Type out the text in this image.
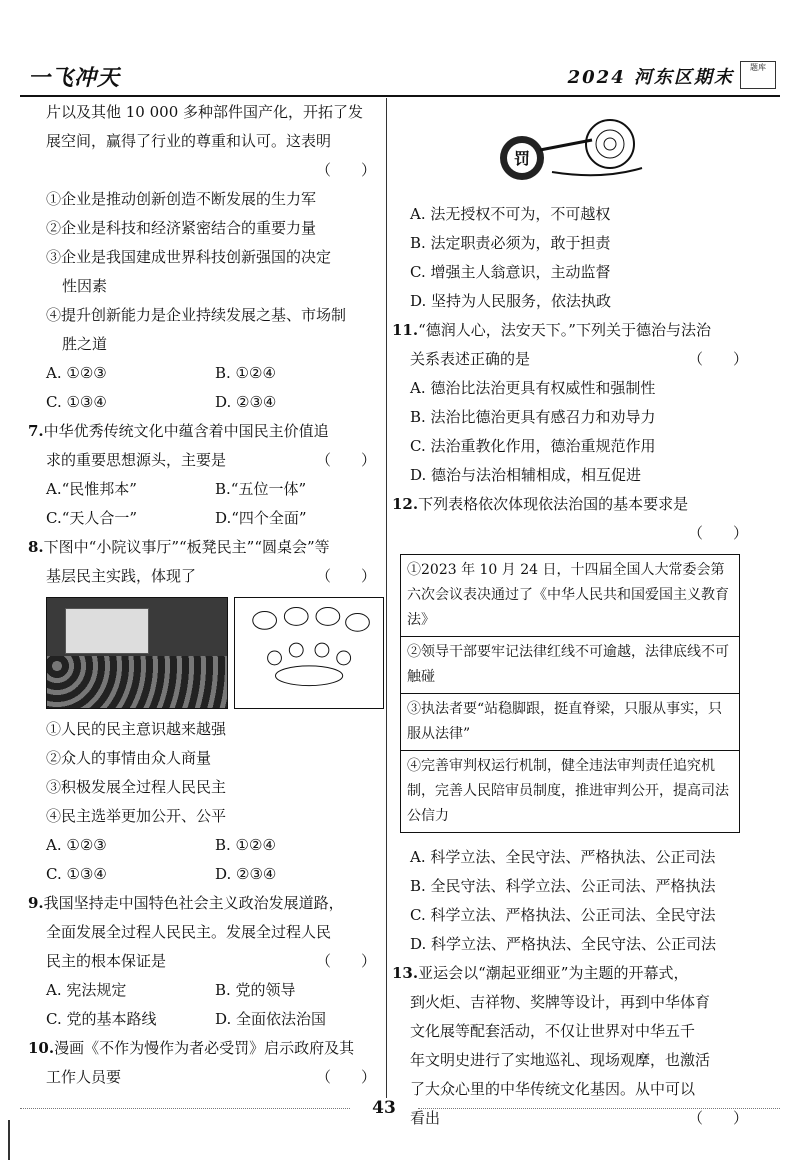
一飞冲天	2024 河东区期末	题库

片以及其他 10 000 多种部件国产化，开拓了发

展空间，赢得了行业的尊重和认可。这表明

（　　）

①企业是推动创新创造不断发展的生力军

②企业是科技和经济紧密结合的重要力量

③企业是我国建成世界科技创新强国的决定

性因素

④提升创新能力是企业持续发展之基、市场制

胜之道

A. ①②③	B. ①②④

C. ①③④	D. ②③④

7.中华优秀传统文化中蕴含着中国民主价值追

求的重要思想源头，主要是	（　　）

A.“民惟邦本”	B.“五位一体”

C.“天人合一”	D.“四个全面”

8.下图中“小院议事厅”“板凳民主”“圆桌会”等

基层民主实践，体现了	（　　）

①人民的民主意识越来越强

②众人的事情由众人商量

③积极发展全过程人民民主

④民主选举更加公开、公平

A. ①②③	B. ①②④

C. ①③④	D. ②③④

9.我国坚持走中国特色社会主义政治发展道路，

全面发展全过程人民民主。发展全过程人民

民主的根本保证是	（　　）

A. 宪法规定	B. 党的领导

C. 党的基本路线	D. 全面依法治国

10.漫画《不作为慢作为者必受罚》启示政府及其

工作人员要	（　　）

罚

A. 法无授权不可为，不可越权

B. 法定职责必须为，敢于担责

C. 增强主人翁意识，主动监督

D. 坚持为人民服务，依法执政

11.“德润人心，法安天下。”下列关于德治与法治

关系表述正确的是	（　　）

A. 德治比法治更具有权威性和强制性

B. 法治比德治更具有感召力和劝导力

C. 法治重教化作用，德治重规范作用

D. 德治与法治相辅相成，相互促进

12.下列表格依次体现依法治国的基本要求是

（　　）

①2023 年 10 月 24 日，十四届全国人大常委会第六次会议表决通过了《中华人民共和国爱国主义教育法》
②领导干部要牢记法律红线不可逾越，法律底线不可触碰
③执法者要“站稳脚跟，挺直脊梁，只服从事实，只服从法律”
④完善审判权运行机制，健全违法审判责任追究机制，完善人民陪审员制度，推进审判公开，提高司法公信力

A. 科学立法、全民守法、严格执法、公正司法

B. 全民守法、科学立法、公正司法、严格执法

C. 科学立法、严格执法、公正司法、全民守法

D. 科学立法、严格执法、全民守法、公正司法

13.亚运会以“潮起亚细亚”为主题的开幕式，

到火炬、吉祥物、奖牌等设计，再到中华体育

文化展等配套活动，不仅让世界对中华五千

年文明史进行了实地巡礼、现场观摩，也激活

了大众心里的中华传统文化基因。从中可以

看出	（　　）

43
